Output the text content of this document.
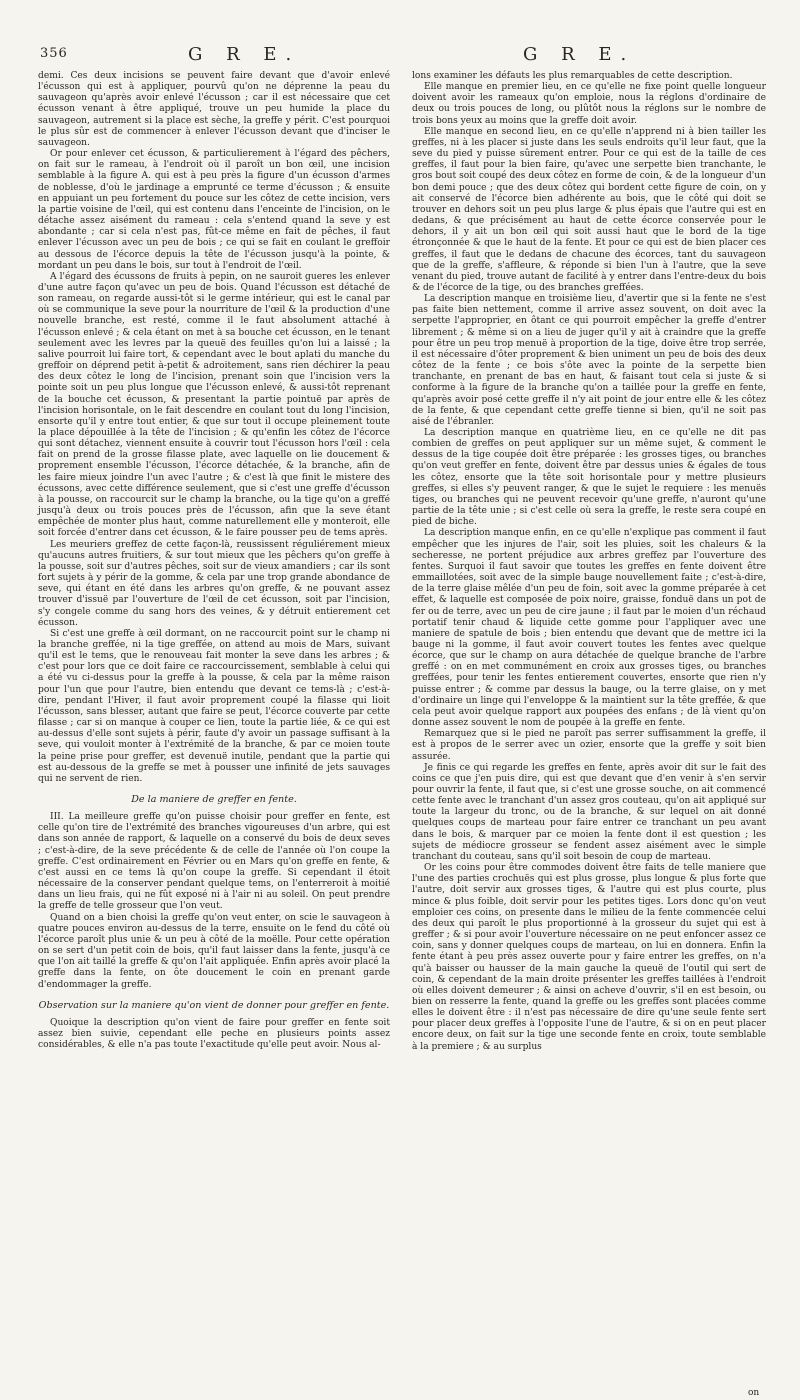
356	G R E.	G R E.

demi. Ces deux incisions se peuvent faire devant que d'avoir enlevé l'écusson qui est à appliquer, pourvû qu'on ne déprenne la peau du sauvageon qu'après avoir enlevé l'écusson ; car il est nécessaire que cet écusson venant à être appliqué, trouve un peu humide la place du sauvageon, autrement si la place est sèche, la greffe y périt. C'est pourquoi le plus sûr est de commencer à enlever l'écusson devant que d'inciser le sauvageon.

Or pour enlever cet écusson, & particulierement à l'égard des pêchers, on fait sur le rameau, à l'endroit où il paroît un bon œil, une incision semblable à la figure A. qui est à peu près la figure d'un écusson d'armes de noblesse, d'où le jardinage a emprunté ce terme d'écusson ; & ensuite en appuiant un peu fortement du pouce sur les côtez de cette incision, vers la partie voisine de l'œil, qui est contenu dans l'enceinte de l'incision, on le détache assez aisément du rameau : cela s'entend quand la seve y est abondante ; car si cela n'est pas, fût-ce même en fait de pêches, il faut enlever l'écusson avec un peu de bois ; ce qui se fait en coulant le greffoir au dessous de l'écorce depuis la tête de l'écusson jusqu'à la pointe, & mordant un peu dans le bois, sur tout à l'endroit de l'œil.

A l'égard des écussons de fruits à pepin, on ne sauroit gueres les enlever d'une autre façon qu'avec un peu de bois. Quand l'écusson est détaché de son rameau, on regarde aussi-tôt si le germe intérieur, qui est le canal par où se communique la seve pour la nourriture de l'œil & la production d'une nouvelle branche, est resté, comme il le faut absolument attaché à l'écusson enlevé ; & cela étant on met à sa bouche cet écusson, en le tenant seulement avec les levres par la queuë des feuilles qu'on lui a laissé ; la salive pourroit lui faire tort, & cependant avec le bout aplati du manche du greffoir on déprend petit à-petit & adroitement, sans rien déchirer la peau des deux côtez le long de l'incision, prenant soin que l'incision vers la pointe soit un peu plus longue que l'écusson enlevé, & aussi-tôt reprenant de la bouche cet écusson, & presentant la partie pointuë par après de l'incision horisontale, on le fait descendre en coulant tout du long l'incision, ensorte qu'il y entre tout entier, & que sur tout il occupe pleinement toute la place dépouillée à la tête de l'incision ; & qu'enfin les côtez de l'écorce qui sont détachez, viennent ensuite à couvrir tout l'écusson hors l'œil : cela fait on prend de la grosse filasse plate, avec laquelle on lie doucement & proprement ensemble l'écusson, l'écorce détachée, & la branche, afin de les faire mieux joindre l'un avec l'autre ; & c'est là que finit le mistere des écussons, avec cette différence seulement, que si c'est une greffe d'écusson à la pousse, on raccourcit sur le champ la branche, ou la tige qu'on a greffé jusqu'à deux ou trois pouces près de l'écusson, afin que la seve étant empêchée de monter plus haut, comme naturellement elle y monteroit, elle soit forcée d'entrer dans cet écusson, & le faire pousser peu de tems après.

Les meuriers greffez de cette façon-là, reussissent réguliérement mieux qu'aucuns autres fruitiers, & sur tout mieux que les pêchers qu'on greffe à la pousse, soit sur d'autres pêches, soit sur de vieux amandiers ; car ils sont fort sujets à y périr de la gomme, & cela par une trop grande abondance de seve, qui étant en été dans les arbres qu'on greffe, & ne pouvant assez trouver d'issuë par l'ouverture de l'œil de cet écusson, soit par l'incision, s'y congele comme du sang hors des veines, & y détruit entierement cet écusson.

Si c'est une greffe à œil dormant, on ne raccourcit point sur le champ ni la branche greffée, ni la tige greffée, on attend au mois de Mars, suivant qu'il est le tems, que le renouveau fait monter la seve dans les arbres ; & c'est pour lors que ce doit faire ce raccourcissement, semblable à celui qui a été vu ci-dessus pour la greffe à la pousse, & cela par la même raison pour l'un que pour l'autre, bien entendu que devant ce tems-là ; c'est-à-dire, pendant l'Hiver, il faut avoir proprement coupé la filasse qui lioit l'écusson, sans blesser, autant que faire se peut, l'écorce couverte par cette filasse ; car si on manque à couper ce lien, toute la partie liée, & ce qui est au-dessus d'elle sont sujets à périr, faute d'y avoir un passage suffisant à la seve, qui vouloit monter à l'extrémité de la branche, & par ce moien toute la peine prise pour greffer, est devenuë inutile, pendant que la partie qui est au-dessous de la greffe se met à pousser une infinité de jets sauvages qui ne servent de rien.

De la maniere de greffer en fente.

III. La meilleure greffe qu'on puisse choisir pour greffer en fente, est celle qu'on tire de l'extrémité des branches vigoureuses d'un arbre, qui est dans son année de rapport, & laquelle on a conservé du bois de deux seves ; c'est-à-dire, de la seve précédente & de celle de l'année où l'on coupe la greffe. C'est ordinairement en Février ou en Mars qu'on greffe en fente, & c'est aussi en ce tems là qu'on coupe la greffe. Si cependant il étoit nécessaire de la conserver pendant quelque tems, on l'enterreroit à moitié dans un lieu frais, qui ne fût exposé ni à l'air ni au soleil. On peut prendre la greffe de telle grosseur que l'on veut.

Quand on a bien choisi la greffe qu'on veut enter, on scie le sauvageon à quatre pouces environ au-dessus de la terre, ensuite on le fend du côté où l'écorce paroît plus unie & un peu à côté de la moëlle. Pour cette opération on se sert d'un petit coin de bois, qu'il faut laisser dans la fente, jusqu'à ce que l'on ait taillé la greffe & qu'on l'ait appliquée. Enfin après avoir placé la greffe dans la fente, on ôte doucement le coin en prenant garde d'endommager la greffe.

Observation sur la maniere qu'on vient de donner pour greffer en fente.

Quoique la description qu'on vient de faire pour greffer en fente soit assez bien suivie, cependant elle peche en plusieurs points assez considérables, & elle n'a pas toute l'exactitude qu'elle peut avoir. Nous al-

lons examiner les défauts les plus remarquables de cette description.

Elle manque en premier lieu, en ce qu'elle ne fixe point quelle longueur doivent avoir les rameaux qu'on emploie, nous la réglons d'ordinaire de deux ou trois pouces de long, ou plûtôt nous la réglons sur le nombre de trois bons yeux au moins que la greffe doit avoir.

Elle manque en second lieu, en ce qu'elle n'apprend ni à bien tailler les greffes, ni à les placer si juste dans les seuls endroits qu'il leur faut, que la seve du pied y puisse sûrement entrer. Pour ce qui est de la taille de ces greffes, il faut pour la bien faire, qu'avec une serpette bien tranchante, le gros bout soit coupé des deux côtez en forme de coin, & de la longueur d'un bon demi pouce ; que des deux côtez qui bordent cette figure de coin, on y ait conservé de l'écorce bien adhérente au bois, que le côté qui doit se trouver en dehors soit un peu plus large & plus épais que l'autre qui est en dedans, & que précisément au haut de cette écorce conservée pour le dehors, il y ait un bon œil qui soit aussi haut que le bord de la tige étronçonnée & que le haut de la fente. Et pour ce qui est de bien placer ces greffes, il faut que le dedans de chacune des écorces, tant du sauvageon que de la greffe, s'affleure, & réponde si bien l'un à l'autre, que la seve venant du pied, trouve autant de facilité à y entrer dans l'entre-deux du bois & de l'écorce de la tige, ou des branches greffées.

La description manque en troisième lieu, d'avertir que si la fente ne s'est pas faite bien nettement, comme il arrive assez souvent, on doit avec la serpette l'approprier, en ôtant ce qui pourroit empêcher la greffe d'entrer librement ; & même si on a lieu de juger qu'il y ait à craindre que la greffe pour être un peu trop menuë à proportion de la tige, doive être trop serrée, il est nécessaire d'ôter proprement & bien uniment un peu de bois des deux côtez de la fente ; ce bois s'ôte avec la pointe de la serpette bien tranchante, en prenant de bas en haut, & faisant tout cela si juste & si conforme à la figure de la branche qu'on a taillée pour la greffe en fente, qu'après avoir posé cette greffe il n'y ait point de jour entre elle & les côtez de la fente, & que cependant cette greffe tienne si bien, qu'il ne soit pas aisé de l'ébranler.

La description manque en quatrième lieu, en ce qu'elle ne dit pas combien de greffes on peut appliquer sur un même sujet, & comment le dessus de la tige coupée doit être préparée : les grosses tiges, ou branches qu'on veut greffer en fente, doivent être par dessus unies & égales de tous les côtez, ensorte que la tête soit horisontale pour y mettre plusieurs greffes, si elles s'y peuvent ranger, & que le sujet le requiere : les menuës tiges, ou branches qui ne peuvent recevoir qu'une greffe, n'auront qu'une partie de la tête unie ; si c'est celle où sera la greffe, le reste sera coupé en pied de biche.

La description manque enfin, en ce qu'elle n'explique pas comment il faut empêcher que les injures de l'air, soit les pluies, soit les chaleurs & la secheresse, ne portent préjudice aux arbres greffez par l'ouverture des fentes. Surquoi il faut savoir que toutes les greffes en fente doivent être emmaillotées, soit avec de la simple bauge nouvellement faite ; c'est-à-dire, de la terre glaise mêlée d'un peu de foin, soit avec la gomme préparée à cet effet, & laquelle est composée de poix noire, graisse, fonduë dans un pot de fer ou de terre, avec un peu de cire jaune ; il faut par le moien d'un réchaud portatif tenir chaud & liquide cette gomme pour l'appliquer avec une maniere de spatule de bois ; bien entendu que devant que de mettre ici la bauge ni la gomme, il faut avoir couvert toutes les fentes avec quelque écorce, que sur le champ on aura détachée de quelque branche de l'arbre greffé : on en met communément en croix aux grosses tiges, ou branches greffées, pour tenir les fentes entierement couvertes, ensorte que rien n'y puisse entrer ; & comme par dessus la bauge, ou la terre glaise, on y met d'ordinaire un linge qui l'enveloppe & la maintient sur la tête greffée, & que cela peut avoir quelque rapport aux poupées des enfans ; de là vient qu'on donne assez souvent le nom de poupée à la greffe en fente.

Remarquez que si le pied ne paroît pas serrer suffisamment la greffe, il est à propos de le serrer avec un ozier, ensorte que la greffe y soit bien assurée.

Je finis ce qui regarde les greffes en fente, après avoir dit sur le fait des coins ce que j'en puis dire, qui est que devant que d'en venir à s'en servir pour ouvrir la fente, il faut que, si c'est une grosse souche, on ait commencé cette fente avec le tranchant d'un assez gros couteau, qu'on ait appliqué sur toute la largeur du tronc, ou de la branche, & sur lequel on ait donné quelques coups de marteau pour faire entrer ce tranchant un peu avant dans le bois, & marquer par ce moien la fente dont il est question ; les sujets de médiocre grosseur se fendent assez aisément avec le simple tranchant du couteau, sans qu'il soit besoin de coup de marteau.

Or les coins pour être commodes doivent être faits de telle maniere que l'une des parties crochuës qui est plus grosse, plus longue & plus forte que l'autre, doit servir aux grosses tiges, & l'autre qui est plus courte, plus mince & plus foible, doit servir pour les petites tiges. Lors donc qu'on veut emploier ces coins, on presente dans le milieu de la fente commencée celui des deux qui paroît le plus proportionné à la grosseur du sujet qui est à greffer ; & si pour avoir l'ouverture nécessaire on ne peut enfoncer assez ce coin, sans y donner quelques coups de marteau, on lui en donnera. Enfin la fente étant à peu près assez ouverte pour y faire entrer les greffes, on n'a qu'à baisser ou hausser de la main gauche la queuë de l'outil qui sert de coin, & cependant de la main droite présenter les greffes taillées à l'endroit où elles doivent demeurer ; & ainsi on acheve d'ouvrir, s'il en est besoin, ou bien on resserre la fente, quand la greffe ou les greffes sont placées comme elles le doivent être : il n'est pas nécessaire de dire qu'une seule fente sert pour placer deux greffes à l'opposite l'une de l'autre, & si on en peut placer encore deux, on fait sur la tige une seconde fente en croix, toute semblable à la premiere ; & au surplus

on
